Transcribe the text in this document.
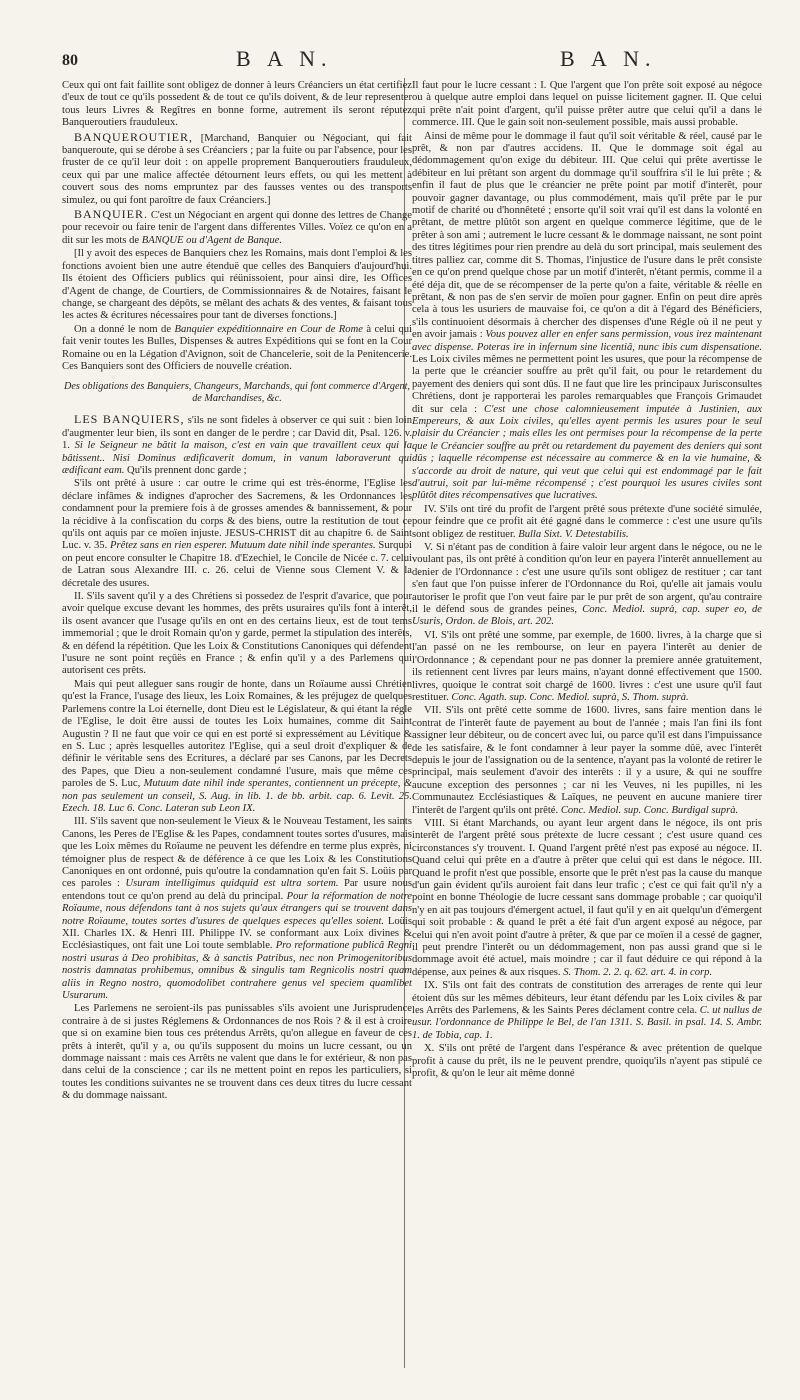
80	B A N.	B A N.

Ceux qui ont fait faillite sont obligez de donner à leurs Créanciers un état certifiez d'eux de tout ce qu'ils possedent & de tout ce qu'ils doivent, & de leur representer tous leurs Livres & Regîtres en bonne forme, autrement ils seront réputez Banqueroutiers frauduleux.

BANQUEROUTIER, [Marchand, Banquier ou Négociant, qui fait banqueroute, qui se dérobe à ses Créanciers ; par la fuite ou par l'absence, pour les fruster de ce qu'il leur doit : on appelle proprement Banqueroutiers frauduleux, ceux qui par une malice affectée détournent leurs effets, ou qui les mettent à couvert sous des noms empruntez par des fausses ventes ou des transports simulez, ou qui font paroître de faux Créanciers.]

BANQUIER. C'est un Négociant en argent qui donne des lettres de Change pour recevoir ou faire tenir de l'argent dans differentes Villes. Voïez ce qu'on en a dit sur les mots de BANQUE ou d'Agent de Banque.

[Il y avoit des especes de Banquiers chez les Romains, mais dont l'emploi & les fonctions avoient bien une autre étenduë que celles des Banquiers d'aujourd'hui. Ils étoient des Officiers publics qui réünissoient, pour ainsi dire, les Offices d'Agent de change, de Courtiers, de Commissionnaires & de Notaires, faisant le change, se chargeant des dépôts, se mêlant des achats & des ventes, & faisant tous les actes & écritures nécessaires pour tant de diverses fonctions.]

On a donné le nom de Banquier expéditionnaire en Cour de Rome à celui qui fait venir toutes les Bulles, Dispenses & autres Expéditions qui se font en la Cour Romaine ou en la Légation d'Avignon, soit de Chancelerie, soit de la Penitencerie. Ces Banquiers sont des Officiers de nouvelle création.

Des obligations des Banquiers, Changeurs, Marchands, qui font commerce d'Argent, de Marchandises, &c.

LES BANQUIERS, s'ils ne sont fideles à observer ce qui suit : bien loin d'augmenter leur bien, ils sont en danger de le perdre ; car David dit, Psal. 126. v. 1. Si le Seigneur ne bâtit la maison, c'est en vain que travaillent ceux qui la bâtissent.. Nisi Dominus ædificaverit domum, in vanum laboraverunt qui ædificant eam. Qu'ils prennent donc garde ;

S'ils ont prêté à usure : car outre le crime qui est très-énorme, l'Eglise les déclare infâmes & indignes d'aprocher des Sacremens, & les Ordonnances les condamnent pour la premiere fois à de grosses amendes & bannissement, & pour la récidive à la confiscation du corps & des biens, outre la restitution de tout ce qu'ils ont aquis par ce moïen injuste. JESUS-CHRIST dit au chapitre 6. de Saint Luc. v. 35. Prêtez sans en rien esperer. Mutuum date nihil inde sperantes. Surquoi on peut encore consulter le Chapitre 18. d'Ezechiel, le Concile de Nicée c. 7. celui de Latran sous Alexandre III. c. 26. celui de Vienne sous Clement V. & la décretale des usures.

II. S'ils savent qu'il y a des Chrétiens si possedez de l'esprit d'avarice, que pour avoir quelque excuse devant les hommes, des prêts usuraires qu'ils font à interêt, ils osent avancer que l'usage qu'ils en ont en des certains lieux, est de tout tems immemorial ; que le droit Romain qu'on y garde, permet la stipulation des interêts, & en défend la répétition. Que les Loix & Constitutions Canoniques qui défendent l'usure ne sont point reçûës en France ; & enfin qu'il y a des Parlemens qui autorisent ces prêts.

Mais qui peut alleguer sans rougir de honte, dans un Roïaume aussi Chrétien qu'est la France, l'usage des lieux, les Loix Romaines, & les préjugez de quelques Parlemens contre la Loi éternelle, dont Dieu est le Législateur, & qui étant la régle de l'Eglise, le doit être aussi de toutes les Loix humaines, comme dit Saint Augustin ? Il ne faut que voir ce qui en est porté si expressément au Lévitique & en S. Luc ; après lesquelles autoritez l'Eglise, qui a seul droit d'expliquer & de définir le véritable sens des Ecritures, a déclaré par ses Canons, par les Decrets des Papes, que Dieu a non-seulement condamné l'usure, mais que même ces paroles de S. Luc, Mutuum date nihil inde sperantes, contiennent un précepte, & non pas seulement un conseil, S. Aug. in lib. 1. de bb. arbit. cap. 6. Levit. 25. Ezech. 18. Luc 6. Conc. Lateran sub Leon IX.

III. S'ils savent que non-seulement le Vieux & le Nouveau Testament, les saints Canons, les Peres de l'Eglise & les Papes, condamnent toutes sortes d'usures, mais que les Loix mêmes du Roïaume ne peuvent les défendre en terme plus exprès, ni témoigner plus de respect & de déférence à ce que les Loix & les Constitutions Canoniques en ont ordonné, puis qu'outre la condamnation qu'en fait S. Loüis par ces paroles : Usuram intelligimus quidquid est ultra sortem. Par usure nous entendons tout ce qu'on prend au delà du principal. Pour la réformation de notre Roïaume, nous défendons tant à nos sujets qu'aux étrangers qui se trouvent dans notre Roïaume, toutes sortes d'usures de quelques especes qu'elles soient. Loüis XII. Charles IX. & Henri III. Philippe IV. se conformant aux Loix divines & Ecclésiastiques, ont fait une Loi toute semblable. Pro reformatione publicâ Regni nostri usuras à Deo prohibitas, & à sanctis Patribus, nec non Primogenitoribus nostris damnatas prohibemus, omnibus & singulis tam Regnicolis nostri quam aliis in Regno nostro, quomodolibet contrahere genus vel speciem quamlibet Usurarum.

Les Parlemens ne seroient-ils pas punissables s'ils avoient une Jurisprudence contraire à de si justes Réglemens & Ordonnances de nos Rois ? & il est à croire que si on examine bien tous ces prétendus Arrêts, qu'on allegue en faveur de ces prêts à interêt, qu'il y a, ou qu'ils supposent du moins un lucre cessant, ou un dommage naissant : mais ces Arrêts ne valent que dans le for extérieur, & non pas dans celui de la conscience ; car ils ne mettent point en repos les particuliers, si toutes les conditions suivantes ne se trouvent dans ces deux titres du lucre cessant & du dommage naissant.

Il faut pour le lucre cessant : I. Que l'argent que l'on prête soit exposé au négoce ou à quelque autre emploi dans lequel on puisse licitement gagner. II. Que celui qui prête n'ait point d'argent, qu'il puisse prêter autre que celui qu'il a dans le commerce. III. Que le gain soit non-seulement possible, mais aussi probable.

Ainsi de même pour le dommage il faut qu'il soit véritable & réel, causé par le prêt, & non par d'autres accidens. II. Que le dommage soit égal au dédommagement qu'on exige du débiteur. III. Que celui qui prête avertisse le débiteur en lui prêtant son argent du dommage qu'il souffrira s'il le lui prête ; & enfin il faut de plus que le créancier ne prête point par motif d'interêt, pour pouvoir gagner davantage, ou plus commodément, mais qu'il prête par le pur motif de charité ou d'honnêteté ; ensorte qu'il soit vrai qu'il est dans la volonté en prêtant, de mettre plûtôt son argent en quelque commerce légitime, que de le prêter à son ami ; autrement le lucre cessant & le dommage naissant, ne sont point des titres légitimes pour rien prendre au delà du sort principal, mais seulement des titres palliez car, comme dit S. Thomas, l'injustice de l'usure dans le prêt consiste en ce qu'on prend quelque chose par un motif d'interêt, n'étant permis, comme il a été déja dit, que de se récompenser de la perte qu'on a faite, véritable & réelle en prêtant, & non pas de s'en servir de moïen pour gagner. Enfin on peut dire après cela à tous les usuriers de mauvaise foi, ce qu'on a dit à l'égard des Bénéficiers, s'ils continuoient désormais à chercher des dispenses d'une Régle où il ne peut y en avoir jamais : Vous pouvez aller en enfer sans permission, vous irez maintenant avec dispense. Poteras ire in infernum sine licentiâ, nunc ibis cum dispensatione. Les Loix civiles mêmes ne permettent point les usures, que pour la récompense de la perte que le créancier souffre au prêt qu'il fait, ou pour le retardement du payement des deniers qui sont dûs. Il ne faut que lire les principaux Jurisconsultes Chrétiens, dont je rapporterai les paroles remarquables que François Grimaudet dit sur cela : C'est une chose calomnieusement imputée à Justinien, aux Empereurs, & aux Loix civiles, qu'elles ayent permis les usures pour le seul plaisir du Créancier ; mais elles les ont permises pour la récompense de la perte que le Créancier souffre au prêt ou retardement du payement des deniers qui sont dûs ; laquelle récompense est nécessaire au commerce & en la vie humaine, & s'accorde au droit de nature, qui veut que celui qui est endommagé par le fait d'autrui, soit par lui-même récompensé ; c'est pourquoi les usures civiles sont plûtôt dites récompensatives que lucratives.

IV. S'ils ont tiré du profit de l'argent prêté sous prétexte d'une société simulée, pour feindre que ce profit ait été gagné dans le commerce : c'est une usure qu'ils sont obligez de restituer. Bulla Sixt. V. Detestabilis.

V. Si n'étant pas de condition à faire valoir leur argent dans le négoce, ou ne le voulant pas, ils ont prêté à condition qu'on leur en payera l'interêt annuellement au denier de l'Ordonnance : c'est une usure qu'ils sont obligez de restituer ; car tant s'en faut que l'on puisse inferer de l'Ordonnance du Roi, qu'elle ait jamais voulu autoriser le profit que l'on veut faire par le pur prêt de son argent, qu'au contraire il le défend sous de grandes peines, Conc. Mediol. suprà, cap. super eo, de Usuris, Ordon. de Blois, art. 202.

VI. S'ils ont prêté une somme, par exemple, de 1600. livres, à la charge que si l'an passé on ne les rembourse, on leur en payera l'interêt au denier de l'Ordonnance ; & cependant pour ne pas donner la premiere année gratuitement, ils retiennent cent livres par leurs mains, n'ayant donné effectivement que 1500. livres, quoique le contrat soit chargé de 1600. livres : c'est une usure qu'il faut restituer. Conc. Agath. sup. Conc. Mediol. suprà, S. Thom. suprà.

VII. S'ils ont prêté cette somme de 1600. livres, sans faire mention dans le contrat de l'interêt faute de payement au bout de l'année ; mais l'an fini ils font assigner leur débiteur, ou de concert avec lui, ou parce qu'il est dans l'impuissance de les satisfaire, & le font condamner à leur payer la somme dûë, avec l'interêt depuis le jour de l'assignation ou de la sentence, n'ayant pas la volonté de retirer le principal, mais seulement d'avoir des interêts : il y a usure, & qui ne souffre aucune exception des personnes ; car ni les Veuves, ni les pupilles, ni les Communautez Ecclésiastiques & Laïques, ne peuvent en aucune maniere tirer l'interêt de l'argent qu'ils ont prêté. Conc. Mediol. sup. Conc. Burdigal suprà.

VIII. Si étant Marchands, ou ayant leur argent dans le négoce, ils ont pris interêt de l'argent prêté sous prétexte de lucre cessant ; c'est usure quand ces circonstances s'y trouvent. I. Quand l'argent prêté n'est pas exposé au négoce. II. Quand celui qui prête en a d'autre à prêter que celui qui est dans le négoce. III. Quand le profit n'est que possible, ensorte que le prêt n'est pas la cause du manque d'un gain évident qu'ils auroient fait dans leur trafic ; c'est ce qui fait qu'il n'y a point en bonne Théologie de lucre cessant sans dommage probable ; car quoiqu'il n'y en ait pas toujours d'émergent actuel, il faut qu'il y en ait quelqu'un d'émergent qui soit probable : & quand le prêt a été fait d'un argent exposé au négoce, par celui qui n'en avoit point d'autre à prêter, & que par ce moïen il a cessé de gagner, il peut prendre l'interêt ou un dédommagement, non pas aussi grand que si le dommage avoit été actuel, mais moindre ; car il faut déduire ce qui répond à la dépense, aux peines & aux risques. S. Thom. 2. 2. q. 62. art. 4. in corp.

IX. S'ils ont fait des contrats de constitution des arrerages de rente qui leur étoient dûs sur les mêmes débiteurs, leur étant défendu par les Loix civiles & par les Arrêts des Parlemens, & les Saints Peres déclament contre cela. C. ut nullus de usur. l'ordonnance de Philippe le Bel, de l'an 1311. S. Basil. in psal. 14. S. Ambr. 1. de Tobia, cap. 1.

X. S'ils ont prêté de l'argent dans l'espérance & avec prétention de quelque profit à cause du prêt, ils ne le peuvent prendre, quoiqu'ils n'ayent pas stipulé ce profit, & qu'on le leur ait même donné
